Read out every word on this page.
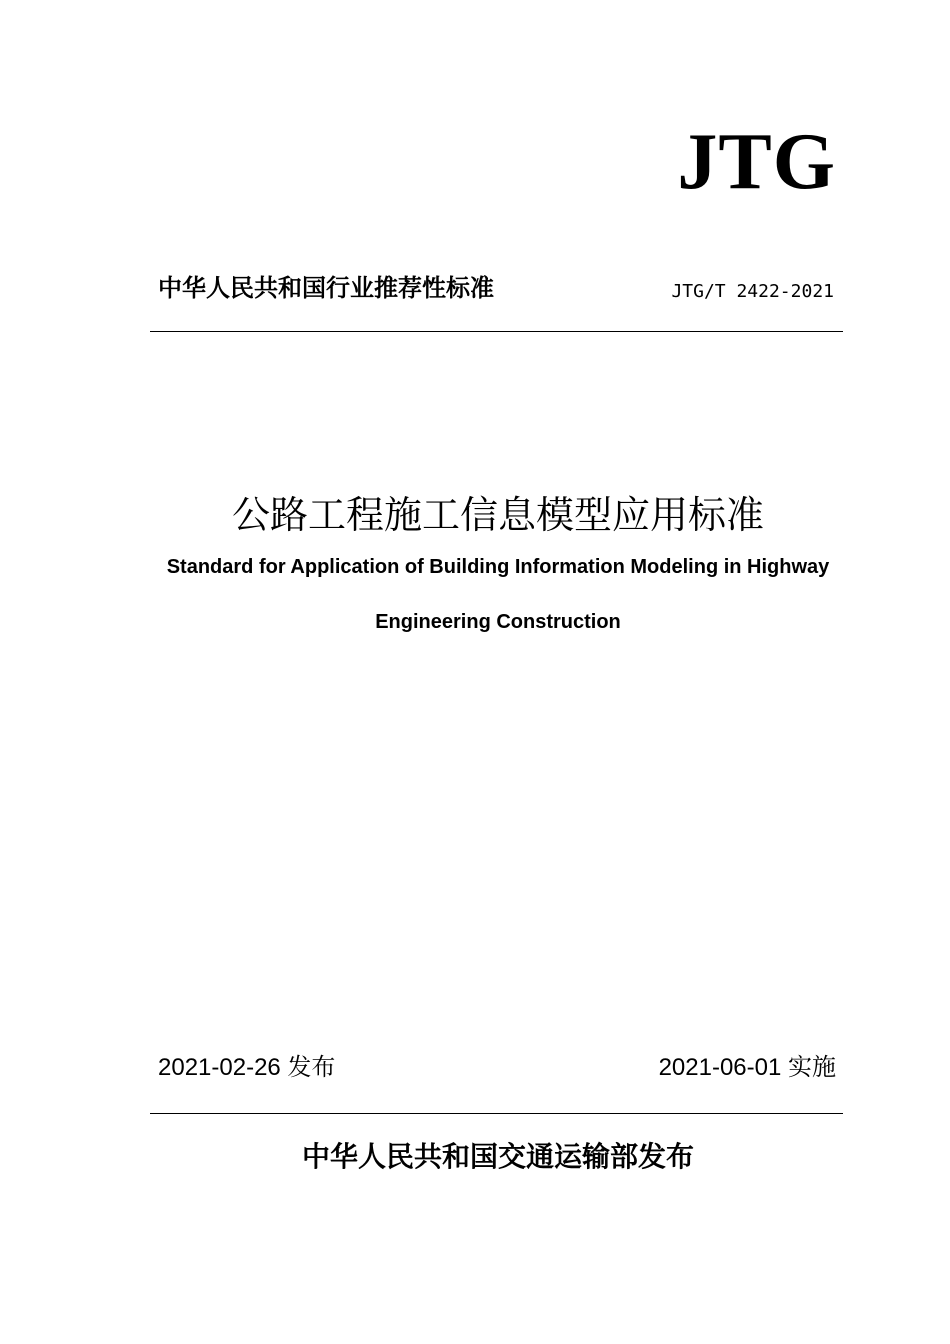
JTG
中华人民共和国行业推荐性标准	JTG/T 2422-2021
公路工程施工信息模型应用标准
Standard for Application of Building Information Modeling in Highway
Engineering Construction
2021-02-26 发布	2021-06-01 实施
中华人民共和国交通运输部发布
